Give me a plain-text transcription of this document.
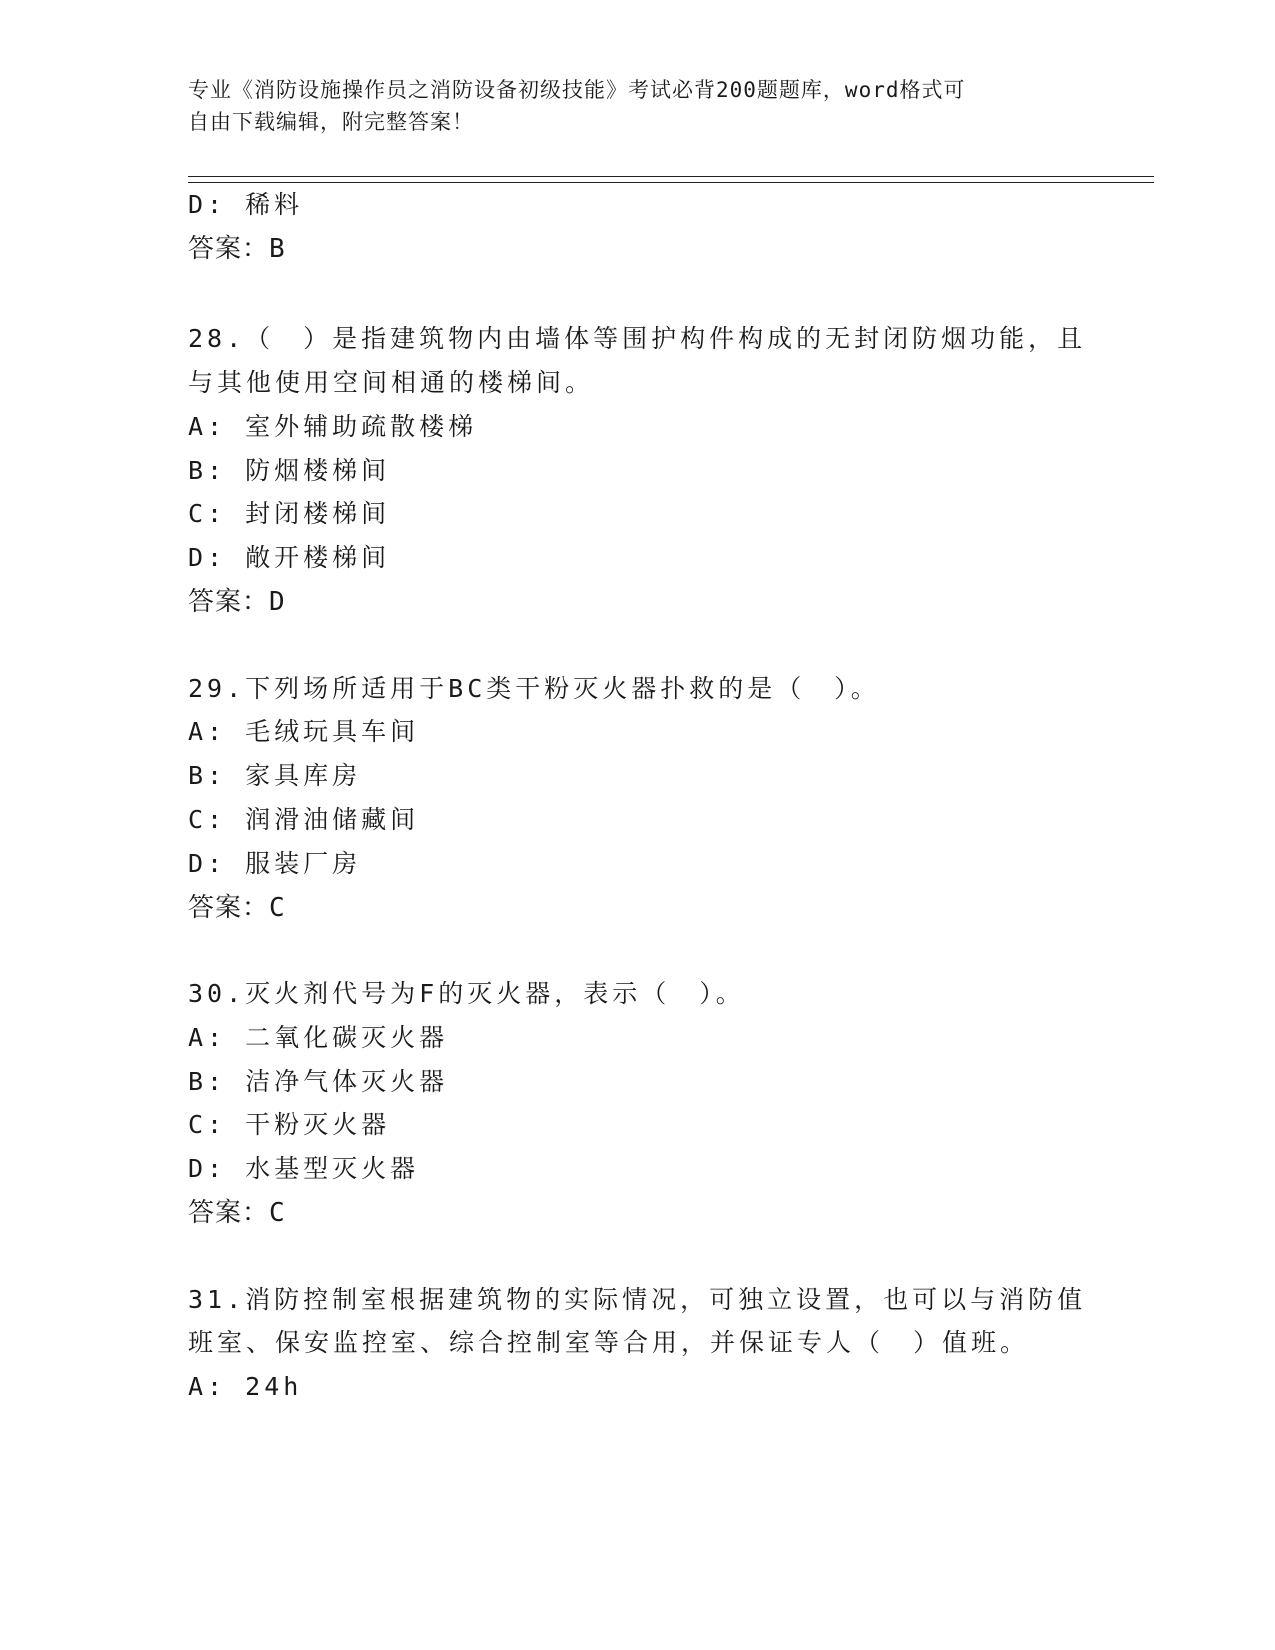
专业《消防设施操作员之消防设备初级技能》考试必背200题题库，word格式可
自由下载编辑，附完整答案！
D: 稀料
答案：B
28.（　）是指建筑物内由墙体等围护构件构成的无封闭防烟功能，且
与其他使用空间相通的楼梯间。
A: 室外辅助疏散楼梯
B: 防烟楼梯间
C: 封闭楼梯间
D: 敞开楼梯间
答案：D
29.下列场所适用于BC类干粉灭火器扑救的是（　）。
A: 毛绒玩具车间
B: 家具库房
C: 润滑油储藏间
D: 服装厂房
答案：C
30.灭火剂代号为F的灭火器，表示（　）。
A: 二氧化碳灭火器
B: 洁净气体灭火器
C: 干粉灭火器
D: 水基型灭火器
答案：C
31.消防控制室根据建筑物的实际情况，可独立设置，也可以与消防值
班室、保安监控室、综合控制室等合用，并保证专人（　）值班。
A: 24h
